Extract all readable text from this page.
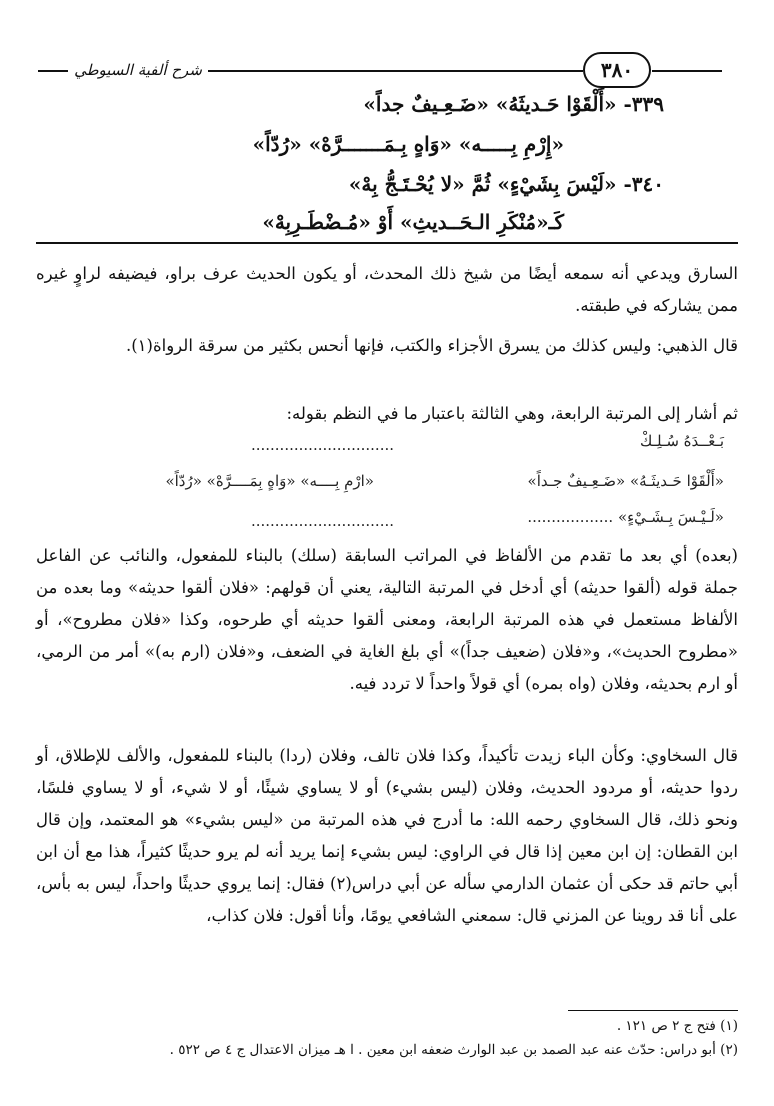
شرح ألفية السيوطي	٣٨٠
٣٣٩- «أَلْقَوْا حَـديثَهُ» «ضَـعِـيفٌ جداً»
«إِرْمِ بِـــــه» «وَاهٍ بِـمَـــــــرَّهْ» «رُدّاً»
٣٤٠- «لَيْسَ بِشَيْءٍ» ثُمَّ «لا يُحْـتَـجُّ بِهْ»
كَـ«مُنْكَرِ الـحَــديثِ» أَوْ «مُـضْطَـرِبِهْ»
السارق ويدعي أنه سمعه أيضًا من شيخ ذلك المحدث، أو يكون الحديث عرف براو، فيضيفه لراوٍ غيره ممن يشاركه في طبقته.
قال الذهبي: وليس كذلك من يسرق الأجزاء والكتب، فإنها أنحس بكثير من سرقة الرواة(١).
ثم أشار إلى المرتبة الرابعة، وهي الثالثة باعتبار ما في النظم بقوله:
بَـعْــدَهُ سُـلِـكْ
..............................
«أَلْقَوْا حَـديثَـهُ» «ضَـعِـيفٌ جـداً»
«ارْمِ بِــــه» «وَاهٍ بِمَــــرَّهْ» «رُدّاً»
«لَـيْـسَ بِـشَـيْءٍ» ..................
..............................
(بعده) أي بعد ما تقدم من الألفاظ في المراتب السابقة (سلك) بالبناء للمفعول، والنائب عن الفاعل جملة قوله (ألقوا حديثه) أي أدخل في المرتبة التالية، يعني أن قولهم: «فلان ألقوا حديثه» وما بعده من الألفاظ مستعمل في هذه المرتبة الرابعة، ومعنى ألقوا حديثه أي طرحوه، وكذا «فلان مطروح»، أو «مطروح الحديث»، و«فلان (ضعيف جداً)» أي بلغ الغاية في الضعف، و«فلان (ارم به)» أمر من الرمي، أو ارم بحديثه، وفلان (واه بمره) أي قولاً واحداً لا تردد فيه.
قال السخاوي: وكأن الباء زيدت تأكيداً، وكذا فلان تالف، وفلان (ردا) بالبناء للمفعول، والألف للإطلاق، أو ردوا حديثه، أو مردود الحديث، وفلان (ليس بشيء) أو لا يساوي شيئًا، أو لا شيء، أو لا يساوي فلسًا، ونحو ذلك، قال السخاوي رحمه الله: ما أدرج في هذه المرتبة من «ليس بشيء» هو المعتمد، وإن قال ابن القطان: إن ابن معين إذا قال في الراوي: ليس بشيء إنما يريد أنه لم يرو حديثًا كثيراً، هذا مع أن ابن أبي حاتم قد حكى أن عثمان الدارمي سأله عن أبي دراس(٢) فقال: إنما يروي حديثًا واحداً، ليس به بأس، على أنا قد روينا عن المزني قال: سمعني الشافعي يومًا، وأنا أقول: فلان كذاب،
(١) فتح ج ٢ ص ١٢١ .
(٢) أبو دراس: حدّث عنه عبد الصمد بن عبد الوارث ضعفه ابن معين . ا هـ ميزان الاعتدال ج ٤ ص ٥٢٢ .
